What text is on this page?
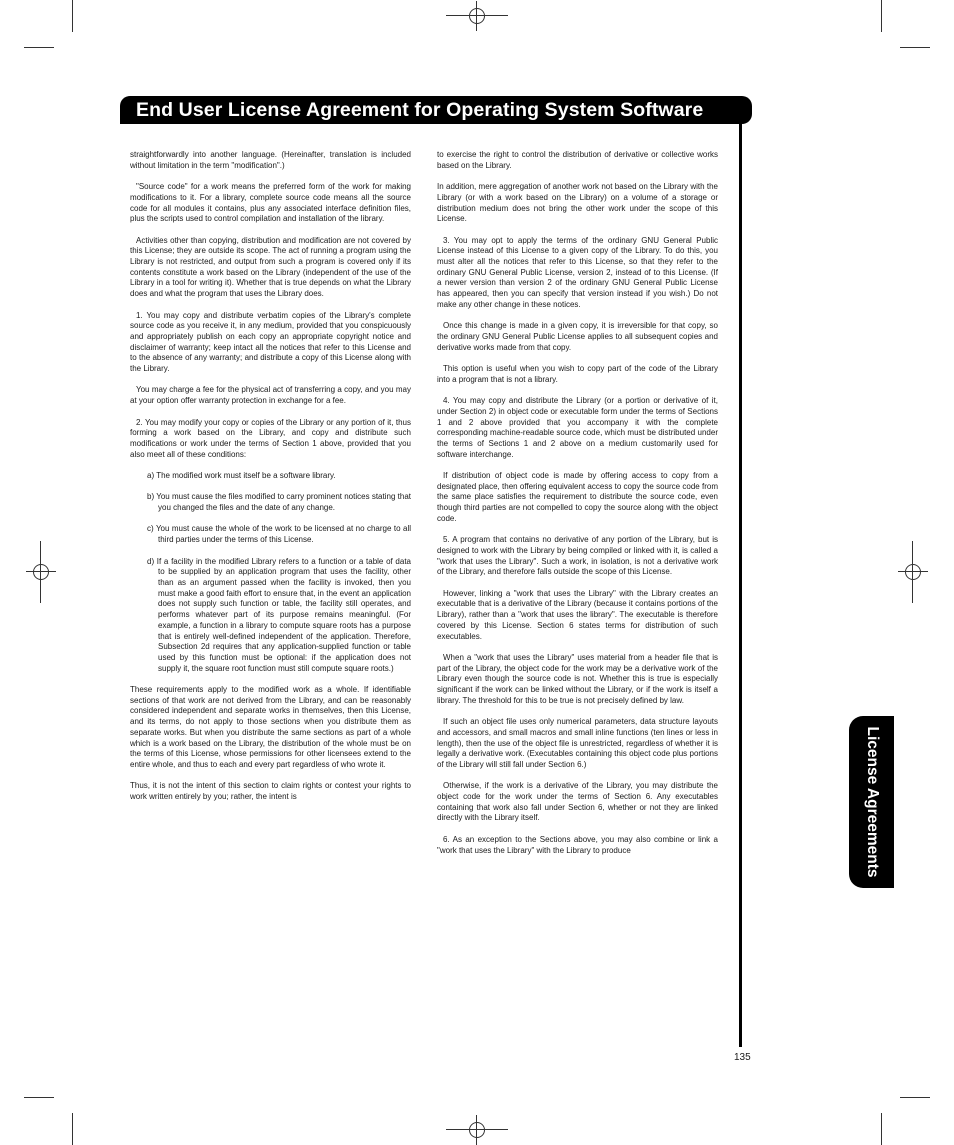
End User License Agreement for Operating System Software
License Agreements

straightforwardly into another language. (Hereinafter, translation is included without limitation in the term "modification".)

"Source code" for a work means the preferred form of the work for making modifications to it. For a library, complete source code means all the source code for all modules it contains, plus any associated interface definition files, plus the scripts used to control compilation and installation of the library.

Activities other than copying, distribution and modification are not covered by this License; they are outside its scope. The act of running a program using the Library is not restricted, and output from such a program is covered only if its contents constitute a work based on the Library (independent of the use of the Library in a tool for writing it). Whether that is true depends on what the Library does and what the program that uses the Library does.

1. You may copy and distribute verbatim copies of the Library's complete source code as you receive it, in any medium, provided that you conspicuously and appropriately publish on each copy an appropriate copyright notice and disclaimer of warranty; keep intact all the notices that refer to this License and to the absence of any warranty; and distribute a copy of this License along with the Library.

You may charge a fee for the physical act of transferring a copy, and you may at your option offer warranty protection in exchange for a fee.

2. You may modify your copy or copies of the Library or any portion of it, thus forming a work based on the Library, and copy and distribute such modifications or work under the terms of Section 1 above, provided that you also meet all of these conditions:

a) The modified work must itself be a software library.
b) You must cause the files modified to carry prominent notices stating that you changed the files and the date of any change.
c) You must cause the whole of the work to be licensed at no charge to all third parties under the terms of this License.
d) If a facility in the modified Library refers to a function or a table of data to be supplied by an application program that uses the facility, other than as an argument passed when the facility is invoked, then you must make a good faith effort to ensure that, in the event an application does not supply such function or table, the facility still operates, and performs whatever part of its purpose remains meaningful. (For example, a function in a library to compute square roots has a purpose that is entirely well-defined independent of the application. Therefore, Subsection 2d requires that any application-supplied function or table used by this function must be optional: if the application does not supply it, the square root function must still compute square roots.)

These requirements apply to the modified work as a whole. If identifiable sections of that work are not derived from the Library, and can be reasonably considered independent and separate works in themselves, then this License, and its terms, do not apply to those sections when you distribute them as separate works. But when you distribute the same sections as part of a whole which is a work based on the Library, the distribution of the whole must be on the terms of this License, whose permissions for other licensees extend to the entire whole, and thus to each and every part regardless of who wrote it.

Thus, it is not the intent of this section to claim rights or contest your rights to work written entirely by you; rather, the intent is

to exercise the right to control the distribution of derivative or collective works based on the Library.

In addition, mere aggregation of another work not based on the Library with the Library (or with a work based on the Library) on a volume of a storage or distribution medium does not bring the other work under the scope of this License.

3. You may opt to apply the terms of the ordinary GNU General Public License instead of this License to a given copy of the Library. To do this, you must alter all the notices that refer to this License, so that they refer to the ordinary GNU General Public License, version 2, instead of to this License. (If a newer version than version 2 of the ordinary GNU General Public License has appeared, then you can specify that version instead if you wish.) Do not make any other change in these notices.

Once this change is made in a given copy, it is irreversible for that copy, so the ordinary GNU General Public License applies to all subsequent copies and derivative works made from that copy.

This option is useful when you wish to copy part of the code of the Library into a program that is not a library.

4. You may copy and distribute the Library (or a portion or derivative of it, under Section 2) in object code or executable form under the terms of Sections 1 and 2 above provided that you accompany it with the complete corresponding machine-readable source code, which must be distributed under the terms of Sections 1 and 2 above on a medium customarily used for software interchange.

If distribution of object code is made by offering access to copy from a designated place, then offering equivalent access to copy the source code from the same place satisfies the requirement to distribute the source code, even though third parties are not compelled to copy the source along with the object code.

5. A program that contains no derivative of any portion of the Library, but is designed to work with the Library by being compiled or linked with it, is called a "work that uses the Library". Such a work, in isolation, is not a derivative work of the Library, and therefore falls outside the scope of this License.

However, linking a "work that uses the Library" with the Library creates an executable that is a derivative of the Library (because it contains portions of the Library), rather than a "work that uses the library". The executable is therefore covered by this License. Section 6 states terms for distribution of such executables.

When a "work that uses the Library" uses material from a header file that is part of the Library, the object code for the work may be a derivative work of the Library even though the source code is not. Whether this is true is especially significant if the work can be linked without the Library, or if the work is itself a library. The threshold for this to be true is not precisely defined by law.

If such an object file uses only numerical parameters, data structure layouts and accessors, and small macros and small inline functions (ten lines or less in length), then the use of the object file is unrestricted, regardless of whether it is legally a derivative work. (Executables containing this object code plus portions of the Library will still fall under Section 6.)

Otherwise, if the work is a derivative of the Library, you may distribute the object code for the work under the terms of Section 6. Any executables containing that work also fall under Section 6, whether or not they are linked directly with the Library itself.

6. As an exception to the Sections above, you may also combine or link a "work that uses the Library" with the Library to produce

135
